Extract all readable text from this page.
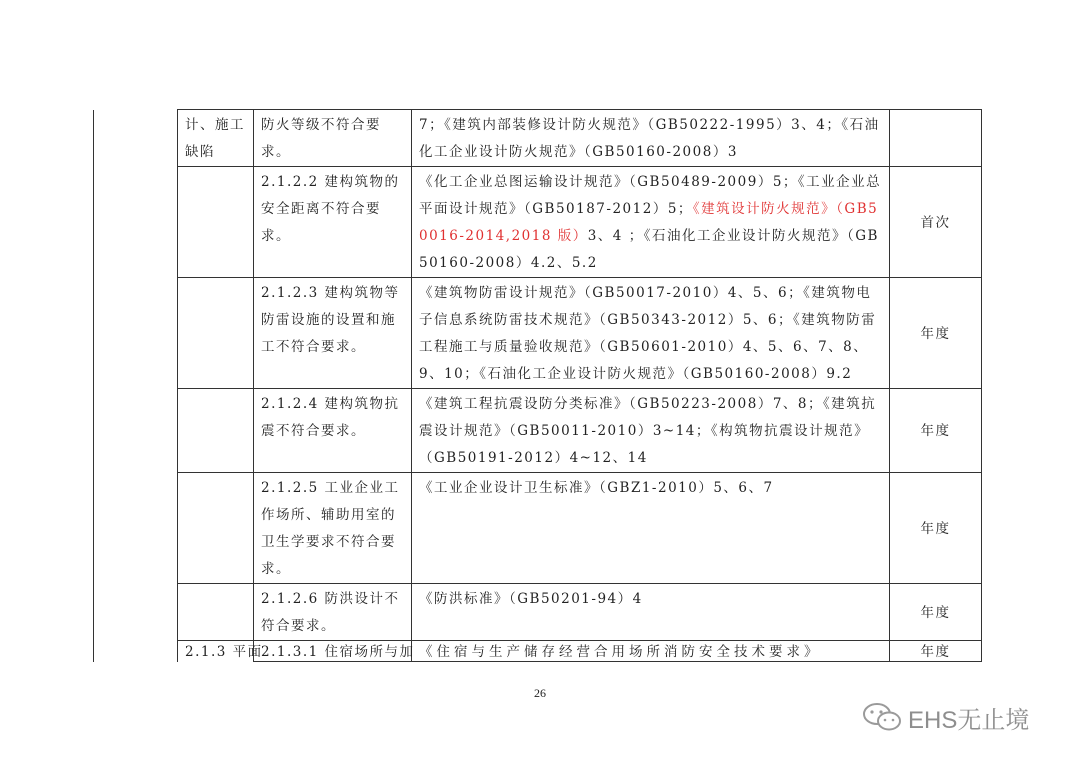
	计、施工缺陷	防火等级不符合要求。	7；《建筑内部装修设计防火规范》（GB50222-1995）3、4；《石油化工企业设计防火规范》（GB50160-2008）3	
		2.1.2.2 建构筑物的安全距离不符合要求。	《化工企业总图运输设计规范》（GB50489-2009）5；《工业企业总平面设计规范》（GB50187-2012）5；《建筑设计防火规范》（GB50016-2014,2018 版）3、4 ；《石油化工企业设计防火规范》（GB50160-2008）4.2、5.2	首次
		2.1.2.3 建构筑物等防雷设施的设置和施工不符合要求。	《建筑物防雷设计规范》（GB50017-2010）4、5、6；《建筑物电子信息系统防雷技术规范》（GB50343-2012）5、6；《建筑物防雷工程施工与质量验收规范》（GB50601-2010）4、5、6、7、8、9、10；《石油化工企业设计防火规范》（GB50160-2008）9.2	年度
		2.1.2.4 建构筑物抗震不符合要求。	《建筑工程抗震设防分类标准》（GB50223-2008）7、8；《建筑抗震设计规范》（GB50011-2010）3~14；《构筑物抗震设计规范》（GB50191-2012）4~12、14	年度
		2.1.2.5 工业企业工作场所、辅助用室的卫生学要求不符合要求。	《工业企业设计卫生标准》（GBZ1-2010）5、6、7	年度
		2.1.2.6 防洪设计不符合要求。	《防洪标准》（GB50201-94）4	年度
	2.1.3 平面	2.1.3.1 住宿场所与加	《住宿与生产储存经营合用场所消防安全技术要求》	年度
26
EHS无止境
